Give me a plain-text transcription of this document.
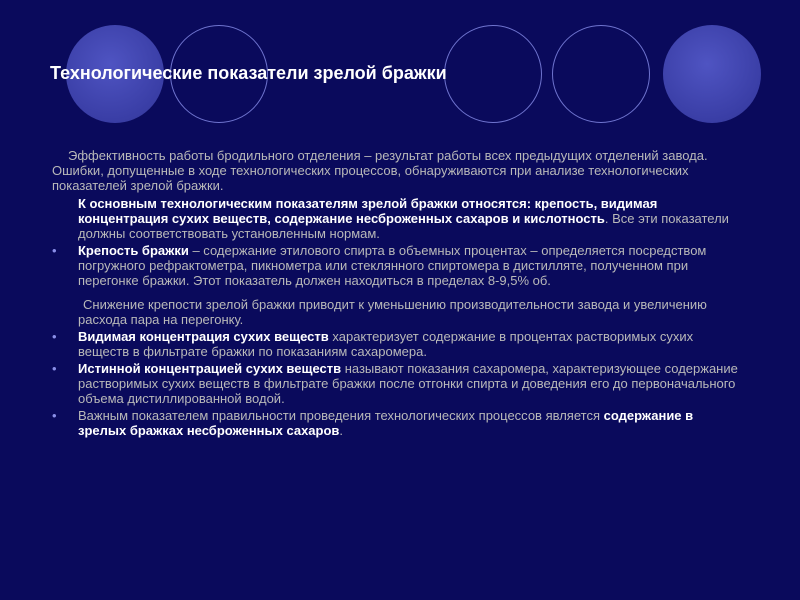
Технологические показатели зрелой бражки

Эффективность работы бродильного отделения – результат работы всех предыдущих отделений завода. Ошибки, допущенные в ходе технологических процессов, обнаруживаются при анализе технологических показателей зрелой бражки.

К основным технологическим показателям зрелой бражки относятся: крепость, видимая концентрация сухих веществ, содержание несброженных сахаров и кислотность. Все эти показатели должны соответствовать установленным нормам.

• Крепость бражки – содержание этилового спирта в объемных процентах – определяется посредством погружного рефрактометра, пикнометра или стеклянного спиртомера в дистилляте, полученном при перегонке бражки. Этот показатель должен находиться в пределах 8-9,5% об.

Снижение крепости зрелой бражки приводит к уменьшению производительности завода и увеличению расхода пара на перегонку.

• Видимая концентрация сухих веществ характеризует содержание в процентах растворимых сухих веществ в фильтрате бражки по показаниям сахаромера.
• Истинной концентрацией сухих веществ называют показания сахаромера, характеризующее содержание растворимых сухих веществ в фильтрате бражки после отгонки спирта и доведения его до первоначального объема дистиллированной водой.
• Важным показателем правильности проведения технологических процессов является содержание в зрелых бражках несброженных сахаров.
